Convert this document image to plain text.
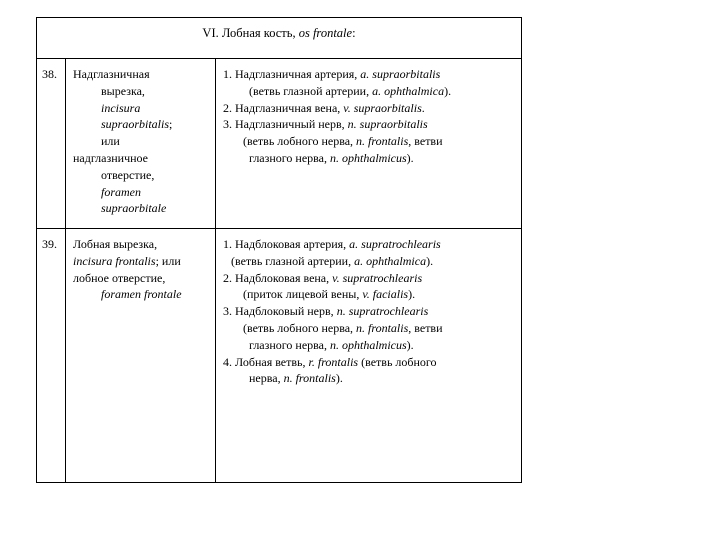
VI. Лобная кость, os frontale:
38. Надглазничная
вырезка,
incisura
supraorbitalis;
или
надглазничное
отверстие,
foramen
supraorbitale
1. Надглазничная артерия, a. supraorbitalis
(ветвь глазной артерии, a. ophthalmica).
2. Надглазничная вена, v. supraorbitalis.
3. Надглазничный нерв, n. supraorbitalis
(ветвь лобного нерва, n. frontalis, ветви
глазного нерва, n. ophthalmicus).
39. Лобная вырезка,
incisura frontalis; или
лобное отверстие,
foramen frontale
1. Надблоковая артерия, a. supratrochlearis
(ветвь глазной артерии, a. ophthalmica).
2. Надблоковая вена, v. supratrochlearis
(приток лицевой вены, v. facialis).
3. Надблоковый нерв, n. supratrochlearis
(ветвь лобного нерва, n. frontalis, ветви
глазного нерва, n. ophthalmicus).
4. Лобная ветвь, r. frontalis (ветвь лобного
нерва, n. frontalis).
